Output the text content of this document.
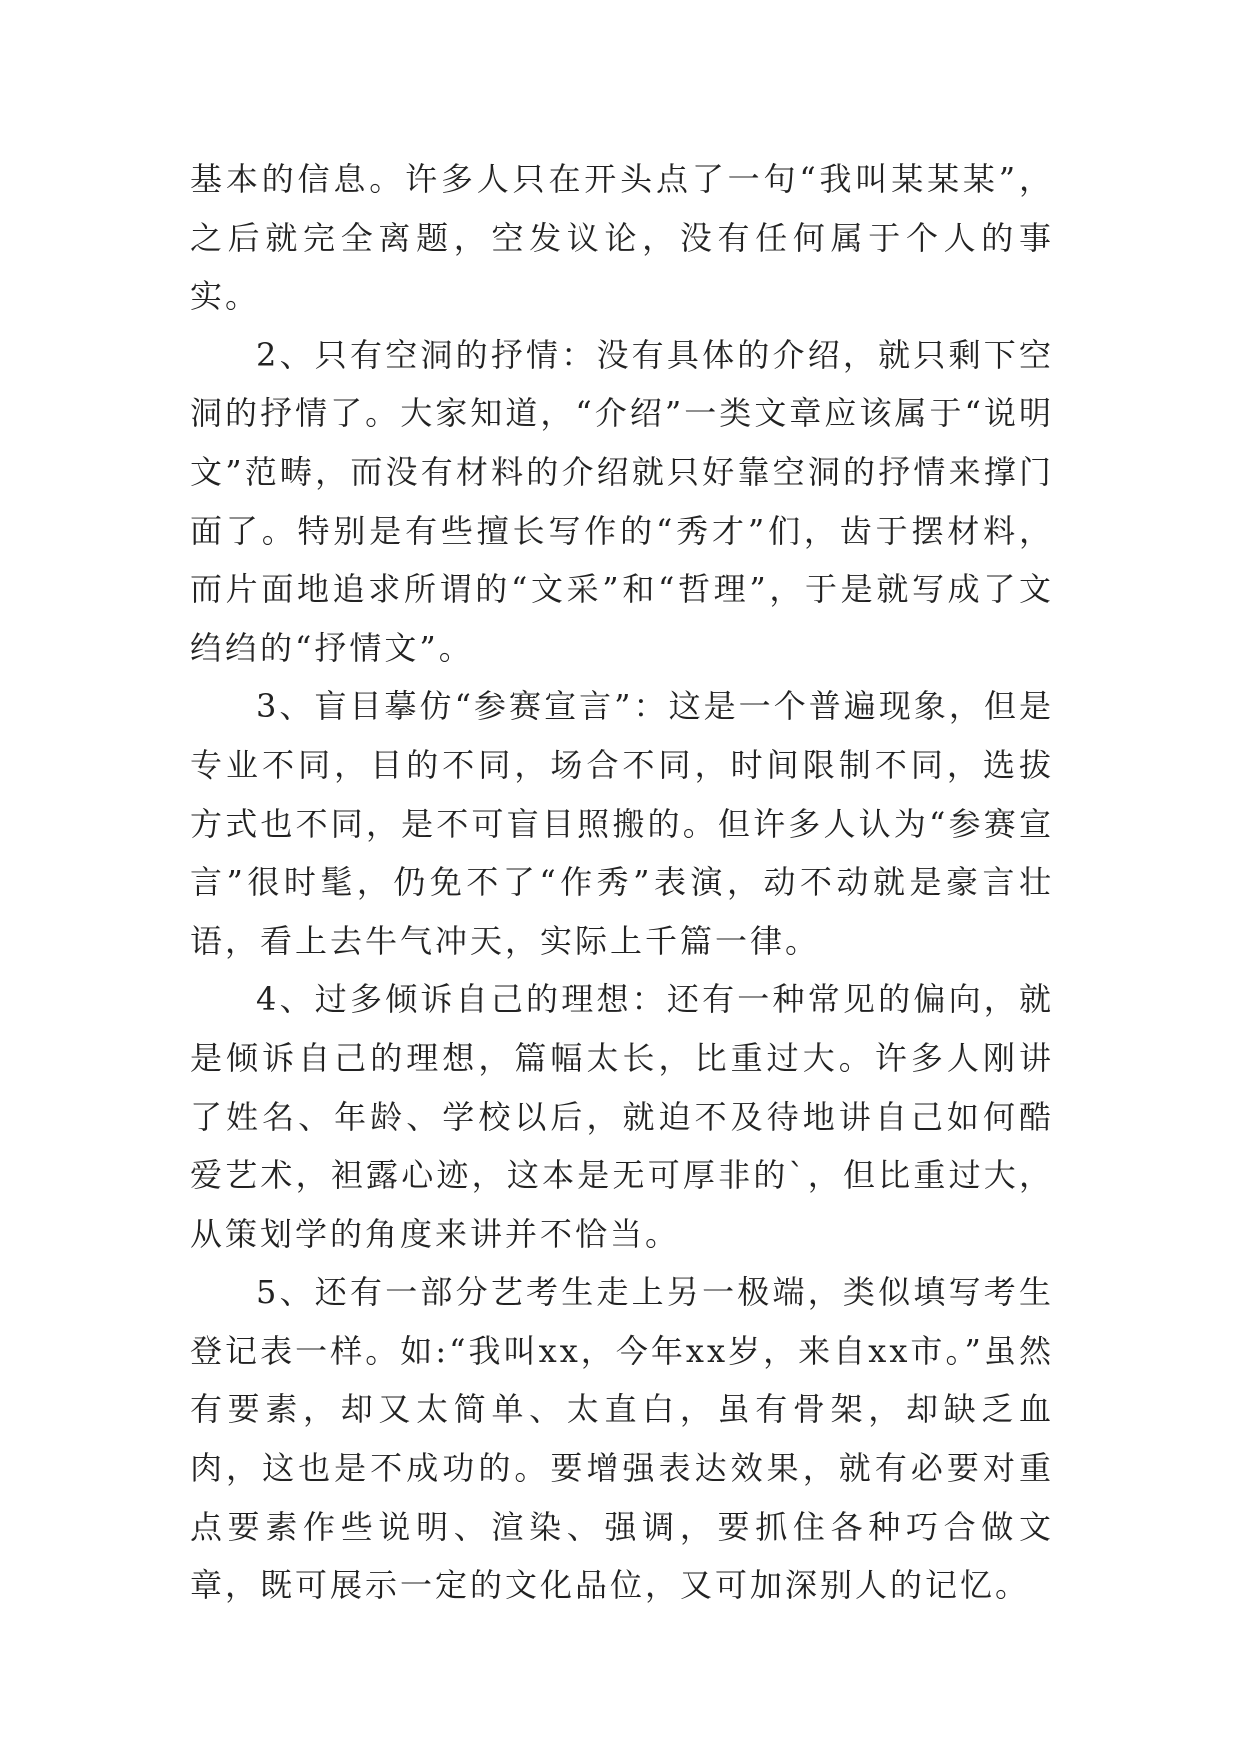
基本的信息。许多人只在开头点了一句“我叫某某某”，之后就完全离题，空发议论，没有任何属于个人的事实。

2、只有空洞的抒情：没有具体的介绍，就只剩下空洞的抒情了。大家知道，“介绍”一类文章应该属于“说明文”范畴，而没有材料的介绍就只好靠空洞的抒情来撑门面了。特别是有些擅长写作的“秀才”们，齿于摆材料，而片面地追求所谓的“文采”和“哲理”，于是就写成了文绉绉的“抒情文”。

3、盲目摹仿“参赛宣言”：这是一个普遍现象，但是专业不同，目的不同，场合不同，时间限制不同，选拔方式也不同，是不可盲目照搬的。但许多人认为“参赛宣言”很时髦，仍免不了“作秀”表演，动不动就是豪言壮语，看上去牛气冲天，实际上千篇一律。

4、过多倾诉自己的理想：还有一种常见的偏向，就是倾诉自己的理想，篇幅太长，比重过大。许多人刚讲了姓名、年龄、学校以后，就迫不及待地讲自己如何酷爱艺术，袒露心迹，这本是无可厚非的`，但比重过大，从策划学的角度来讲并不恰当。

5、还有一部分艺考生走上另一极端，类似填写考生登记表一样。如:“我叫xx，今年xx岁，来自xx市。”虽然有要素，却又太简单、太直白，虽有骨架，却缺乏血肉，这也是不成功的。要增强表达效果，就有必要对重点要素作些说明、渲染、强调，要抓住各种巧合做文章，既可展示一定的文化品位，又可加深别人的记忆。
